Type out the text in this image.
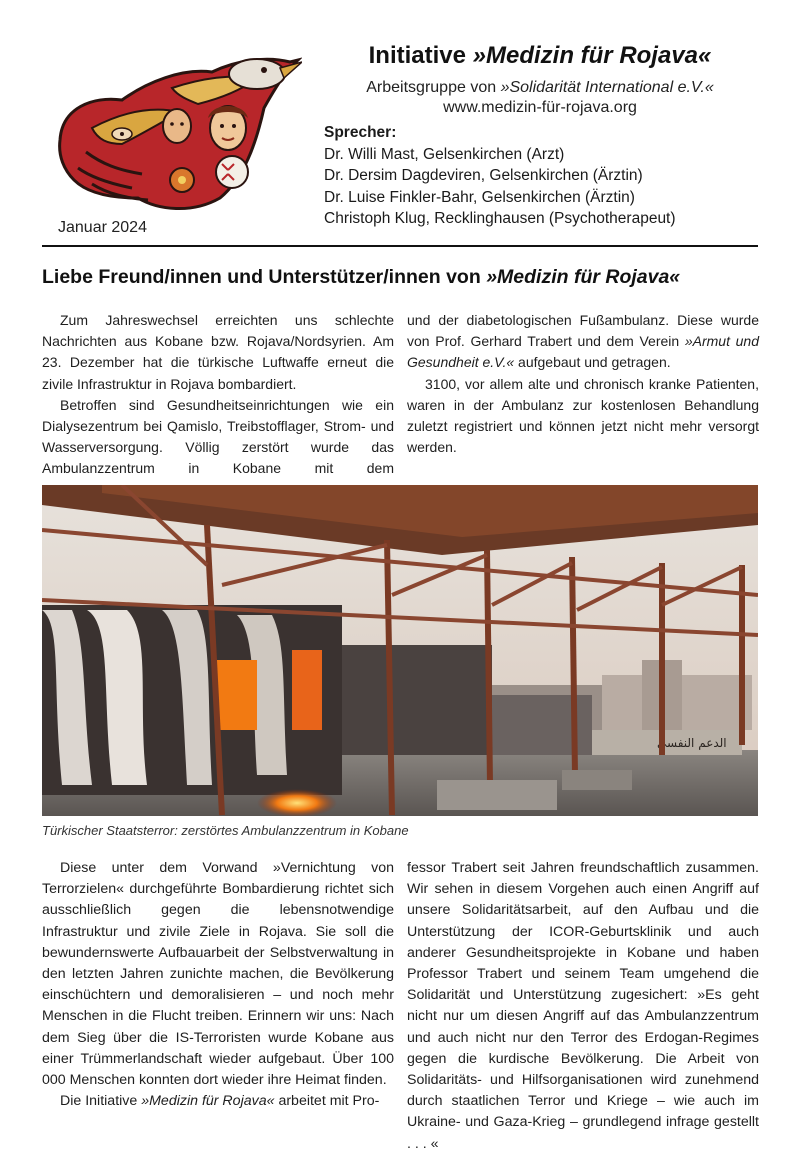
Januar 2024
Initiative »Medizin für Rojava«
Arbeitsgruppe von »Solidarität International e.V.«
www.medizin-für-rojava.org
Sprecher:
Dr. Willi Mast, Gelsenkirchen (Arzt)
Dr. Dersim Dagdeviren, Gelsenkirchen (Ärztin)
Dr. Luise Finkler-Bahr, Gelsenkirchen (Ärztin)
Christoph Klug, Recklinghausen (Psychotherapeut)
Liebe Freund/innen und Unterstützer/innen von »Medizin für Rojava«

Zum Jahreswechsel erreichten uns schlechte Nachrichten aus Kobane bzw. Rojava/Nordsyrien. Am 23. Dezember hat die türkische Luftwaffe erneut die zivile Infrastruktur in Rojava bombardiert.

Betroffen sind Gesundheitseinrichtungen wie ein Dialysezentrum bei Qamislo, Treibstofflager, Strom- und Wasserversorgung. Völlig zerstört wurde das Ambulanzzentrum in Kobane mit dem

und der diabetologischen Fußambulanz. Diese wurde von Prof. Gerhard Trabert und dem Verein »Armut und Gesundheit e.V.« aufgebaut und getragen.

3100, vor allem alte und chronisch kranke Patienten, waren in der Ambulanz zur kostenlosen Behandlung zuletzt registriert und können jetzt nicht mehr versorgt werden.

الدعم النفسي
Türkischer Staatsterror: zerstörtes Ambulanzzentrum in Kobane

Diese unter dem Vorwand »Vernichtung von Terrorzielen« durchgeführte Bombardierung richtet sich ausschließlich gegen die lebensnotwendige Infrastruktur und zivile Ziele in Rojava. Sie soll die bewundernswerte Aufbauarbeit der Selbstverwaltung in den letzten Jahren zunichte machen, die Bevölkerung einschüchtern und demoralisieren – und noch mehr Menschen in die Flucht treiben. Erinnern wir uns: Nach dem Sieg über die IS-Terroristen wurde Kobane aus einer Trümmerlandschaft wieder aufgebaut. Über 100 000 Menschen konnten dort wieder ihre Heimat finden.

Die Initiative »Medizin für Rojava« arbeitet mit Pro-

fessor Trabert seit Jahren freundschaftlich zusammen. Wir sehen in diesem Vorgehen auch einen Angriff auf unsere Solidaritätsarbeit, auf den Aufbau und die Unterstützung der ICOR-Geburtsklinik und auch anderer Gesundheitsprojekte in Kobane und haben Professor Trabert und seinem Team umgehend die Solidarität und Unterstützung zugesichert: »Es geht nicht nur um diesen Angriff auf das Ambulanzzentrum und auch nicht nur den Terror des Erdogan-Regimes gegen die kurdische Bevölkerung. Die Arbeit von Solidaritäts- und Hilfsorganisationen wird zunehmend durch staatlichen Terror und Kriege – wie auch im Ukraine- und Gaza-Krieg – grundlegend infrage gestellt . . . «
